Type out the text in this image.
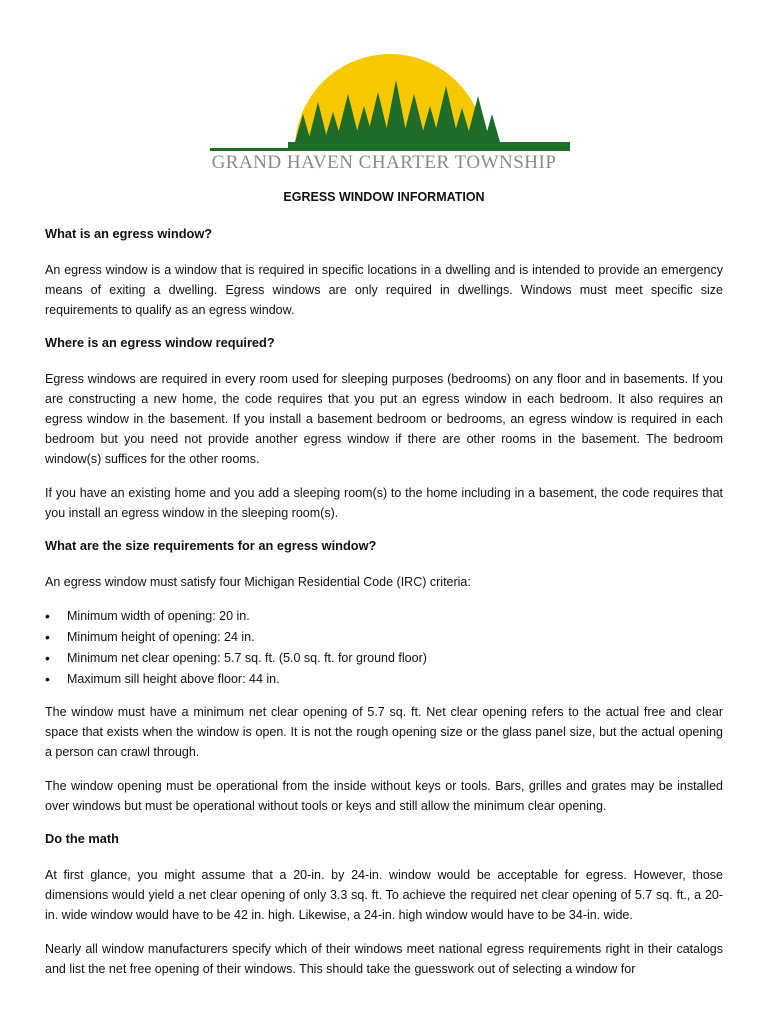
GRAND HAVEN CHARTER TOWNSHIP
EGRESS WINDOW INFORMATION
What is an egress window?

An egress window is a window that is required in specific locations in a dwelling and is intended to provide an emergency means of exiting a dwelling. Egress windows are only required in dwellings. Windows must meet specific size requirements to qualify as an egress window.

Where is an egress window required?

Egress windows are required in every room used for sleeping purposes (bedrooms) on any floor and in basements. If you are constructing a new home, the code requires that you put an egress window in each bedroom. It also requires an egress window in the basement. If you install a basement bedroom or bedrooms, an egress window is required in each bedroom but you need not provide another egress window if there are other rooms in the basement. The bedroom window(s) suffices for the other rooms.

If you have an existing home and you add a sleeping room(s) to the home including in a basement, the code requires that you install an egress window in the sleeping room(s).

What are the size requirements for an egress window?

An egress window must satisfy four Michigan Residential Code (IRC) criteria:

• Minimum width of opening: 20 in.
• Minimum height of opening: 24 in.
• Minimum net clear opening: 5.7 sq. ft. (5.0 sq. ft. for ground floor)
• Maximum sill height above floor: 44 in.

The window must have a minimum net clear opening of 5.7 sq. ft. Net clear opening refers to the actual free and clear space that exists when the window is open. It is not the rough opening size or the glass panel size, but the actual opening a person can crawl through.

The window opening must be operational from the inside without keys or tools. Bars, grilles and grates may be installed over windows but must be operational without tools or keys and still allow the minimum clear opening.

Do the math

At first glance, you might assume that a 20-in. by 24-in. window would be acceptable for egress. However, those dimensions would yield a net clear opening of only 3.3 sq. ft. To achieve the required net clear opening of 5.7 sq. ft., a 20-in. wide window would have to be 42 in. high. Likewise, a 24-in. high window would have to be 34-in. wide.

Nearly all window manufacturers specify which of their windows meet national egress requirements right in their catalogs and list the net free opening of their windows. This should take the guesswork out of selecting a window for
